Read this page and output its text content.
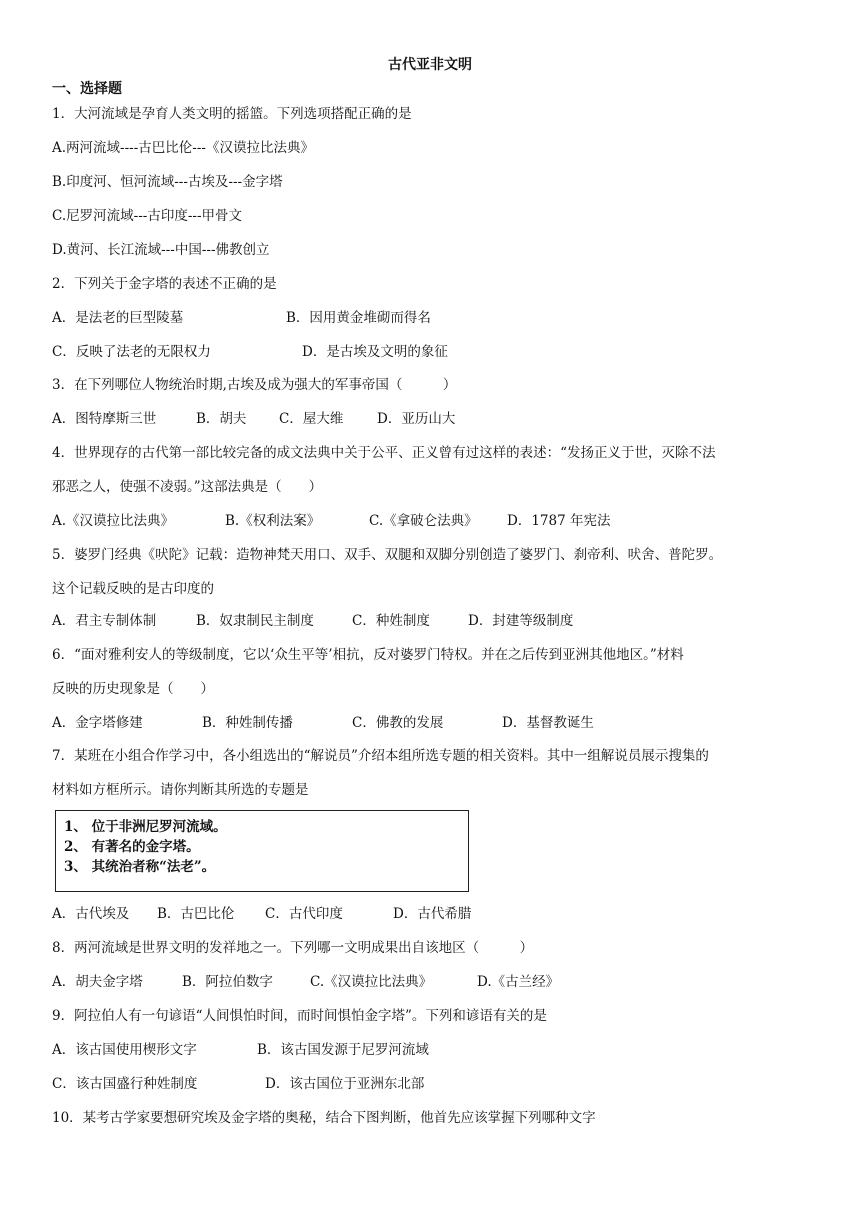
古代亚非文明
一、选择题
1．大河流域是孕育人类文明的摇篮。下列选项搭配正确的是
A.两河流域----古巴比伦---《汉谟拉比法典》
B.印度河、恒河流域---古埃及---金字塔
C.尼罗河流域---古印度---甲骨文
D.黄河、长江流域---中国---佛教创立
2．下列关于金字塔的表述不正确的是
A．是法老的巨型陵墓	B．因用黄金堆砌而得名
C．反映了法老的无限权力	D．是古埃及文明的象征
3．在下列哪位人物统治时期,古埃及成为强大的军事帝国（　　　）
A．图特摩斯三世	B．胡夫 C．屋大维 D．亚历山大
4．世界现存的古代第一部比较完备的成文法典中关于公平、正义曾有过这样的表述：“发扬正义于世，灭除不法
邪恶之人，使强不凌弱。”这部法典是（　　）
A.《汉谟拉比法典》	B.《权利法案》	C.《拿破仑法典》 D．1787 年宪法
5．婆罗门经典《吠陀》记载：造物神梵天用口、双手、双腿和双脚分别创造了婆罗门、刹帝利、吠舍、普陀罗。
这个记载反映的是古印度的
A．君主专制体制	B．奴隶制民主制度	C．种姓制度	D．封建等级制度
6．“面对雅利安人的等级制度，它以‘众生平等’相抗，反对婆罗门特权。并在之后传到亚洲其他地区。”材料
反映的历史现象是（　　）
A．金字塔修建	B．种姓制传播	C．佛教的发展	D．基督教诞生
7．某班在小组合作学习中，各小组选出的“解说员”介绍本组所选专题的相关资料。其中一组解说员展示搜集的
材料如方框所示。请你判断其所选的专题是
1、 位于非洲尼罗河流域。
2、 有著名的金字塔。
3、 其统治者称“法老”。
A．古代埃及 B．古巴比伦 C．古代印度	D．古代希腊
8．两河流域是世界文明的发祥地之一。下列哪一文明成果出自该地区（　　　）
A．胡夫金字塔	B．阿拉伯数字	C.《汉谟拉比法典》	D.《古兰经》
9．阿拉伯人有一句谚语“人间惧怕时间，而时间惧怕金字塔”。下列和谚语有关的是
A．该古国使用楔形文字	B．该古国发源于尼罗河流域
C．该古国盛行种姓制度	D．该古国位于亚洲东北部
10．某考古学家要想研究埃及金字塔的奥秘，结合下图判断，他首先应该掌握下列哪种文字
